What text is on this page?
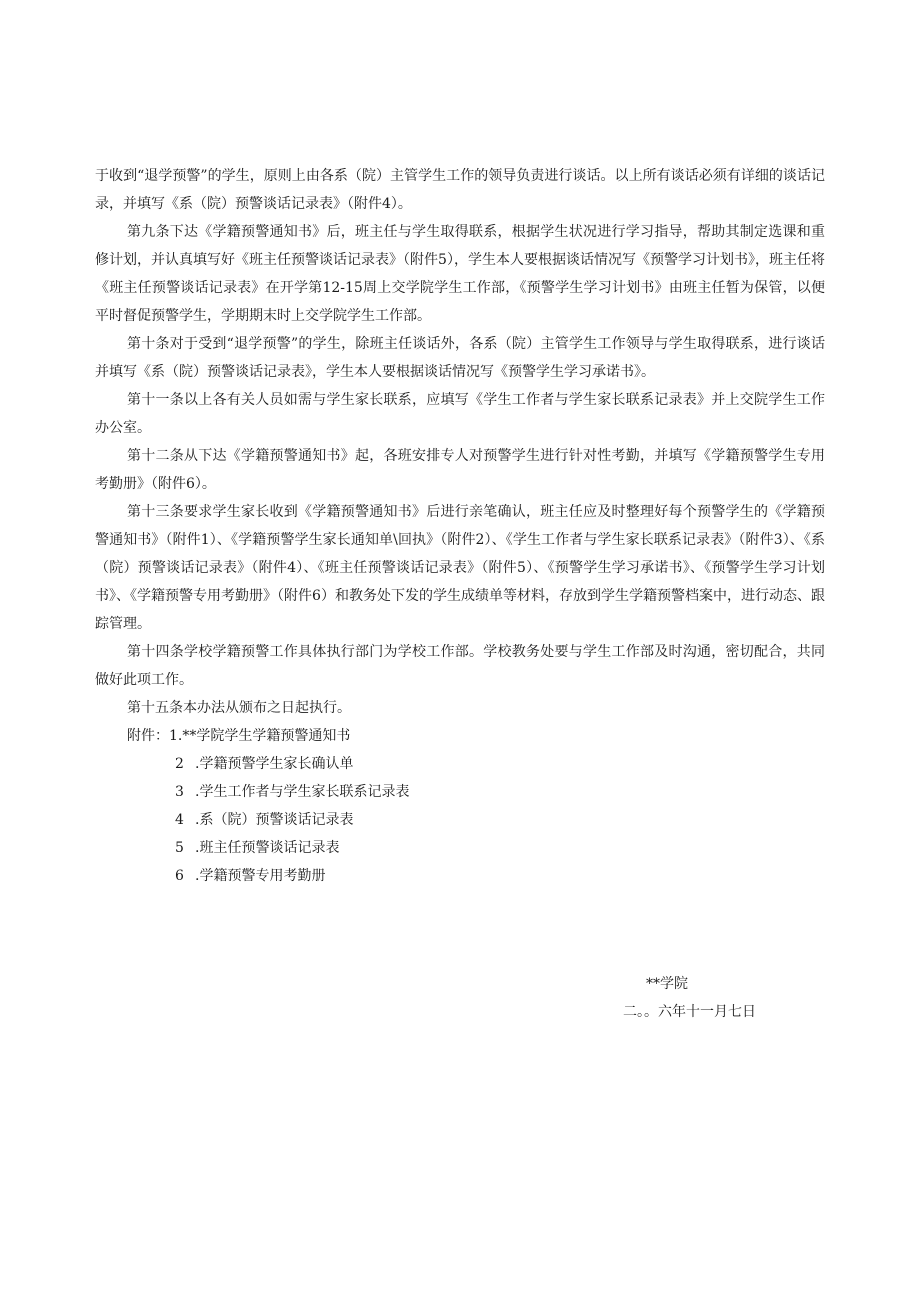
于收到“退学预警”的学生，原则上由各系（院）主管学生工作的领导负责进行谈话。以上所有谈话必须有详细的谈话记录，并填写《系（院）预警谈话记录表》（附件4）。

第九条下达《学籍预警通知书》后，班主任与学生取得联系，根据学生状况进行学习指导，帮助其制定选课和重修计划，并认真填写好《班主任预警谈话记录表》（附件5），学生本人要根据谈话情况写《预警学习计划书》，班主任将《班主任预警谈话记录表》在开学第12-15周上交学院学生工作部，《预警学生学习计划书》由班主任暂为保管，以便平时督促预警学生，学期期末时上交学院学生工作部。

第十条对于受到“退学预警”的学生，除班主任谈话外，各系（院）主管学生工作领导与学生取得联系，进行谈话并填写《系（院）预警谈话记录表》，学生本人要根据谈话情况写《预警学生学习承诺书》。

第十一条以上各有关人员如需与学生家长联系，应填写《学生工作者与学生家长联系记录表》并上交院学生工作办公室。

第十二条从下达《学籍预警通知书》起，各班安排专人对预警学生进行针对性考勤，并填写《学籍预警学生专用考勤册》（附件6）。

第十三条要求学生家长收到《学籍预警通知书》后进行亲笔确认，班主任应及时整理好每个预警学生的《学籍预警通知书》（附件1）、《学籍预警学生家长通知单\回执》（附件2）、《学生工作者与学生家长联系记录表》（附件3）、《系（院）预警谈话记录表》（附件4）、《班主任预警谈话记录表》（附件5）、《预警学生学习承诺书》、《预警学生学习计划书》、《学籍预警专用考勤册》（附件6）和教务处下发的学生成绩单等材料，存放到学生学籍预警档案中，进行动态、跟踪管理。

第十四条学校学籍预警工作具体执行部门为学校工作部。学校教务处要与学生工作部及时沟通，密切配合，共同做好此项工作。

第十五条本办法从颁布之日起执行。

附件：1.**学院学生学籍预警通知书

2 .学籍预警学生家长确认单

3 .学生工作者与学生家长联系记录表

4 .系（院）预警谈话记录表

5 .班主任预警谈话记录表

6 .学籍预警专用考勤册

**学院
二。。六年十一月七日
